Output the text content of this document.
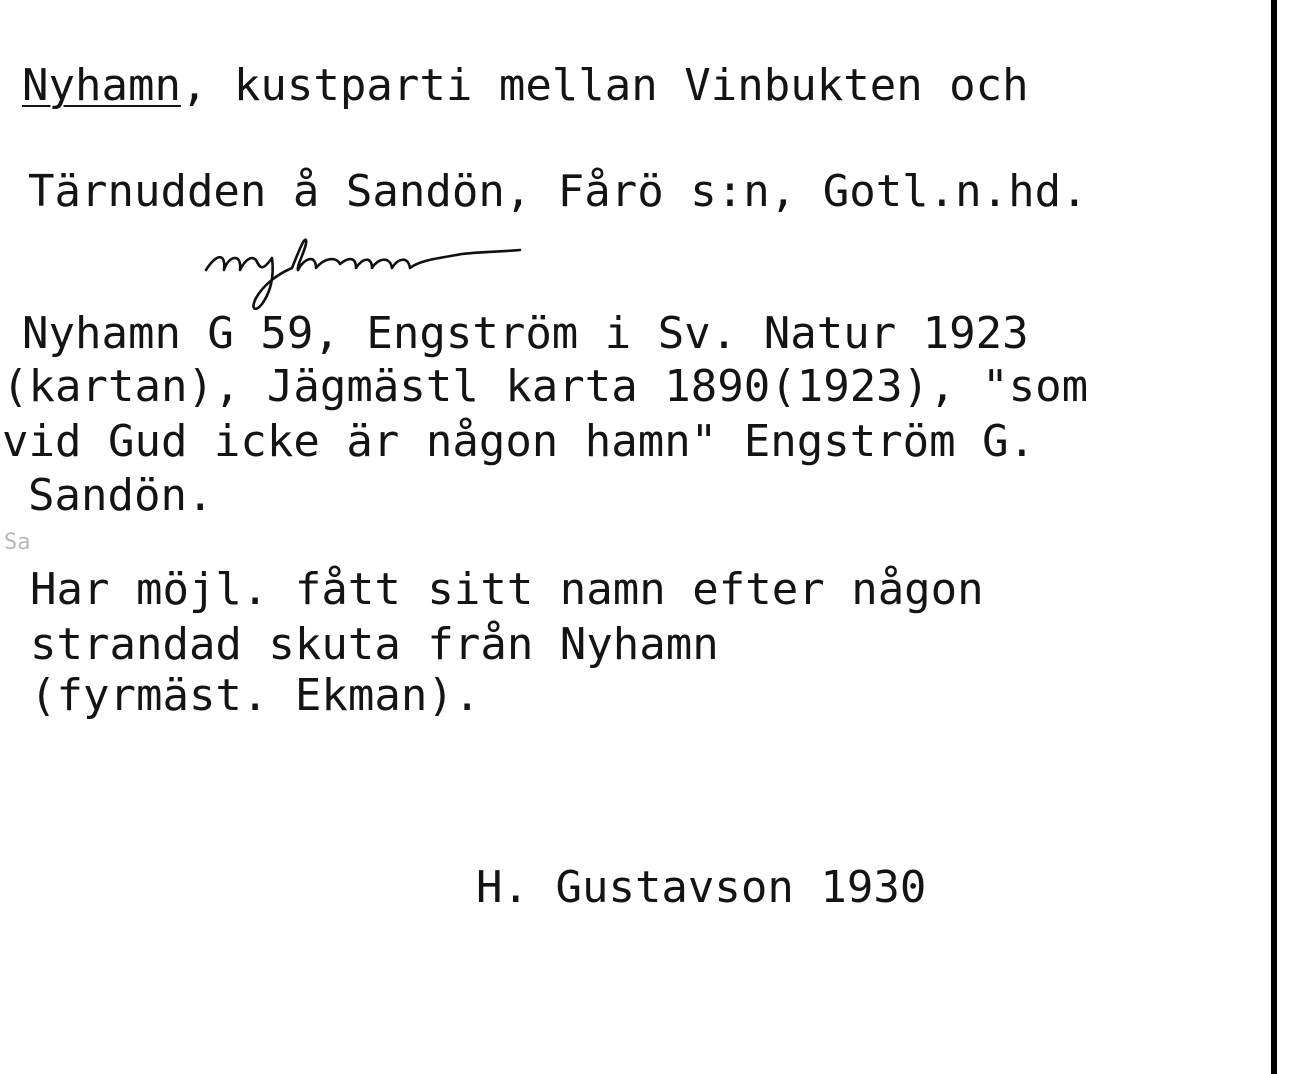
Nyhamn, kustparti mellan Vinbukten och

Tärnudden å Sandön, Fårö s:n, Gotl.n.hd.

Nyhamn G 59, Engström i Sv. Natur 1923

(kartan), Jägmästl karta 1890(1923), "som

vid Gud icke är någon hamn" Engström G.

Sandön.

Sa

Har möjl. fått sitt namn efter någon

strandad skuta från Nyhamn

(fyrmäst. Ekman).

H. Gustavson 1930
